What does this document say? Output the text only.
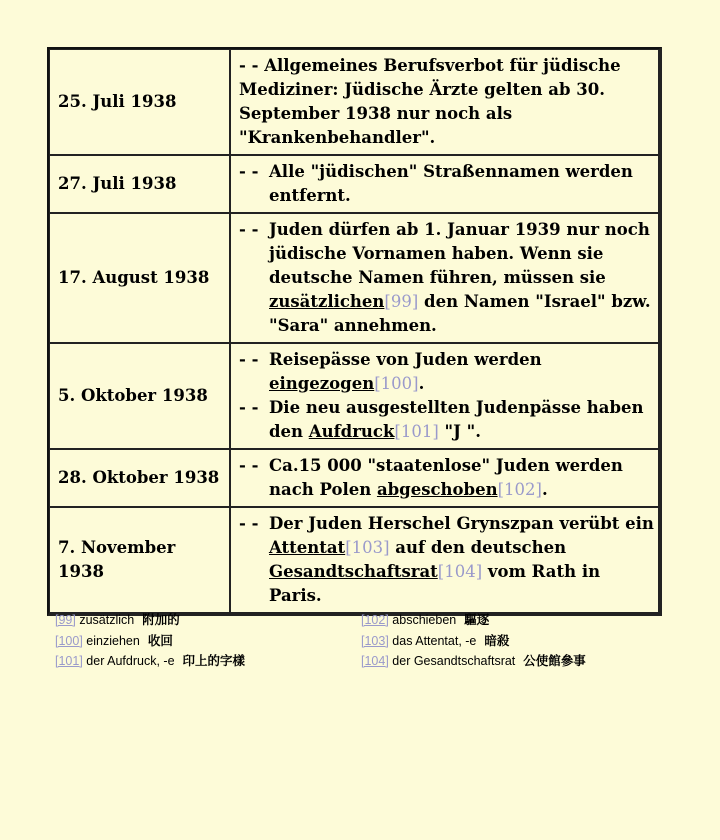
25. Juli 1938	- - Allgemeines Berufsverbot für jüdische Mediziner: Jüdische Ärzte gelten ab 30. September 1938 nur noch als "Krankenbehandler".

27. Juli 1938	- -Alle "jüdischen" Straßennamen werden entfernt.

17. August 1938	- -Juden dürfen ab 1. Januar 1939 nur noch jüdische Vornamen haben. Wenn sie deutsche Namen führen, müssen sie zusätzlichen[99] den Namen "Israel" bzw. "Sara" annehmen.

5. Oktober 1938	- -Reisepässe von Juden werden eingezogen[100].
- -Die neu ausgestellten Judenpässe haben den Aufdruck[101] "J ".

28. Oktober 1938	- -Ca.15 000 "staatenlose" Juden werden nach Polen abgeschoben[102].

7. November 1938	- -Der Juden Herschel Grynszpan verübt ein Attentat[103] auf den deutschen Gesandtschaftsrat[104] vom Rath in Paris.
[99] zusätzlich 附加的
[100] einziehen 收回
[101] der Aufdruck, -e 印上的字樣
[102] abschieben 驅逐
[103] das Attentat, -e 暗殺
[104] der Gesandtschaftsrat 公使館參事
